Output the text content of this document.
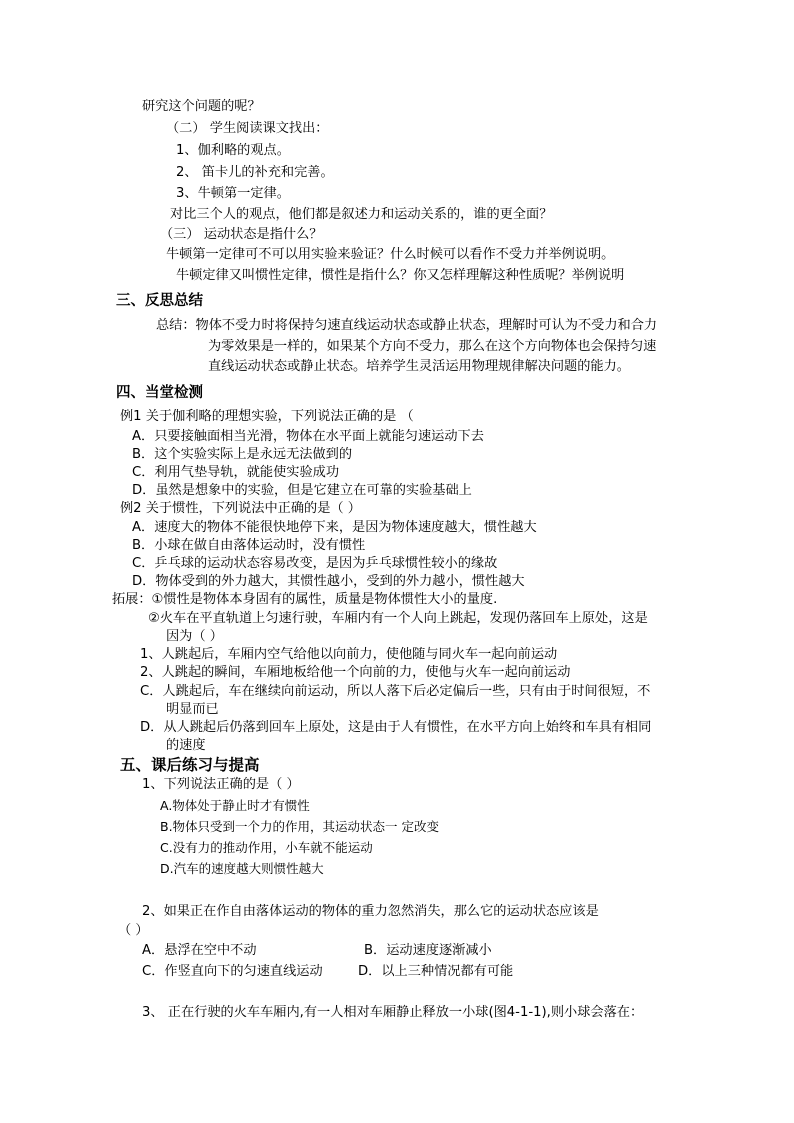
研究这个问题的呢？
（二） 学生阅读课文找出：
1、伽利略的观点。
2、 笛卡儿的补充和完善。
3、牛顿第一定律。
对比三个人的观点，他们都是叙述力和运动关系的，谁的更全面？
（三） 运动状态是指什么？
牛顿第一定律可不可以用实验来验证？什么时候可以看作不受力并举例说明。
牛顿定律又叫惯性定律，惯性是指什么？你又怎样理解这种性质呢？举例说明
三、反思总结
总结：物体不受力时将保持匀速直线运动状态或静止状态，理解时可认为不受力和合力
为零效果是一样的，如果某个方向不受力，那么在这个方向物体也会保持匀速
直线运动状态或静止状态。培养学生灵活运用物理规律解决问题的能力。
四、当堂检测
例1 关于伽利略的理想实验，下列说法正确的是 （
A．只要接触面相当光滑，物体在水平面上就能匀速运动下去
B．这个实验实际上是永远无法做到的
C．利用气垫导轨，就能使实验成功
D．虽然是想象中的实验，但是它建立在可靠的实验基础上
例2 关于惯性，下列说法中正确的是（ ）
A．速度大的物体不能很快地停下来，是因为物体速度越大，惯性越大
B．小球在做自由落体运动时，没有惯性
C．乒乓球的运动状态容易改变，是因为乒乓球惯性较小的缘故
D．物体受到的外力越大，其惯性越小，受到的外力越小，惯性越大
拓展：①惯性是物体本身固有的属性，质量是物体惯性大小的量度.
②火车在平直轨道上匀速行驶，车厢内有一个人向上跳起，发现仍落回车上原处，这是
因为（ ）
1、人跳起后，车厢内空气给他以向前力，使他随与同火车一起向前运动
2、人跳起的瞬间，车厢地板给他一个向前的力，使他与火车一起向前运动
C．人跳起后，车在继续向前运动，所以人落下后必定偏后一些，只有由于时间很短，不
明显而已
D．从人跳起后仍落到回车上原处，这是由于人有惯性，在水平方向上始终和车具有相同
的速度
五、课后练习与提高
1、下列说法正确的是（ ）
A.物体处于静止时才有惯性
B.物体只受到一个力的作用，其运动状态一 定改变
C.没有力的推动作用，小车就不能运动
D.汽车的速度越大则惯性越大
2、如果正在作自由落体运动的物体的重力忽然消失，那么它的运动状态应该是
（ ）
A．悬浮在空中不动	B．运动速度逐渐减小
C．作竖直向下的匀速直线运动	D．以上三种情况都有可能
3、 正在行驶的火车车厢内,有一人相对车厢静止释放一小球(图4-1-1),则小球会落在：
